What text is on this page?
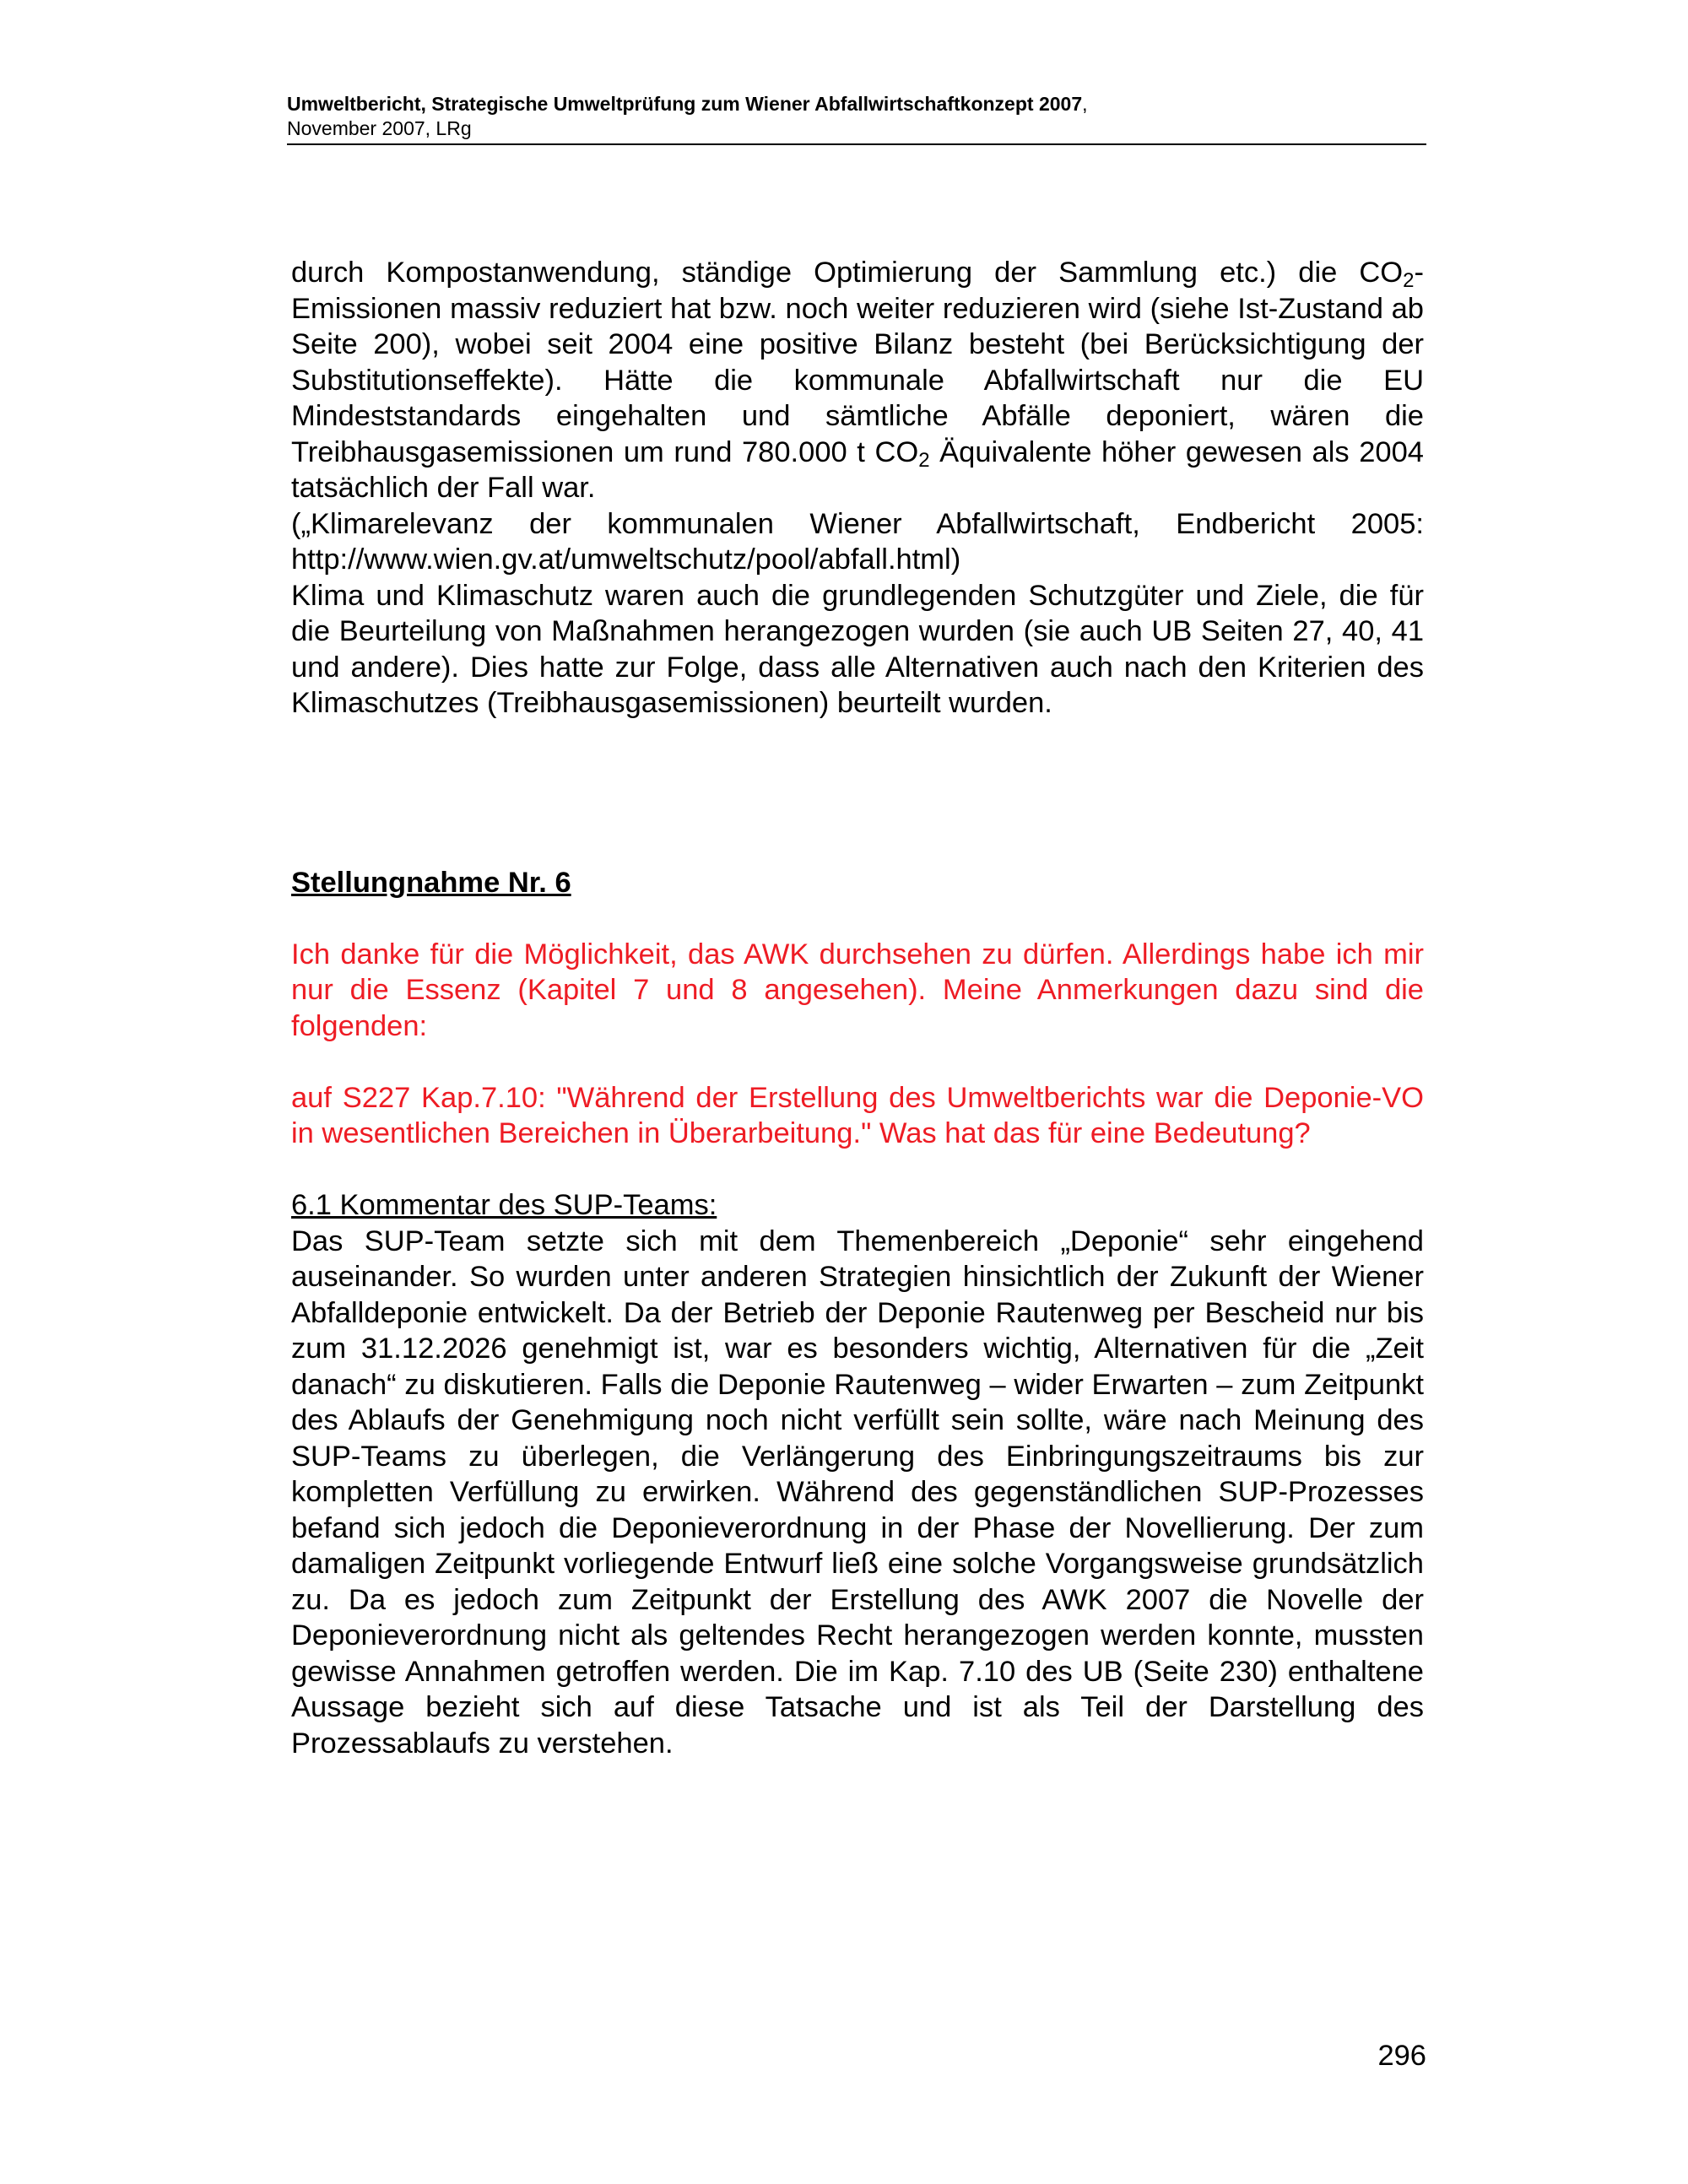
Umweltbericht, Strategische Umweltprüfung zum Wiener Abfallwirtschaftkonzept 2007,
November 2007, LRg

durch Kompostanwendung, ständige Optimierung der Sammlung etc.) die $CO_2$-Emissionen massiv reduziert hat bzw. noch weiter reduzieren wird (siehe Ist-Zustand ab Seite 200), wobei seit 2004 eine positive Bilanz besteht (bei Berücksichtigung der Substitutionseffekte). Hätte die kommunale Abfallwirtschaft nur die EU Mindeststandards eingehalten und sämtliche Abfälle deponiert, wären die Treibhausgasemissionen um rund 780.000 t $CO_2$ Äquivalente höher gewesen als 2004 tatsächlich der Fall war.

(„Klimarelevanz der kommunalen Wiener Abfallwirtschaft, Endbericht 2005: http://www.wien.gv.at/umweltschutz/pool/abfall.html)

Klima und Klimaschutz waren auch die grundlegenden Schutzgüter und Ziele, die für die Beurteilung von Maßnahmen herangezogen wurden (sie auch UB Seiten 27, 40, 41 und andere). Dies hatte zur Folge, dass alle Alternativen auch nach den Kriterien des Klimaschutzes (Treibhausgasemissionen) beurteilt wurden.

Stellungnahme Nr. 6

Ich danke für die Möglichkeit, das AWK durchsehen zu dürfen. Allerdings habe ich mir nur die Essenz (Kapitel 7 und 8 angesehen). Meine Anmerkungen dazu sind die folgenden:

auf S227 Kap.7.10: "Während der Erstellung des Umweltberichts war die Deponie-VO in wesentlichen Bereichen in Überarbeitung." Was hat das für eine Bedeutung?

6.1 Kommentar des SUP-Teams:

Das SUP-Team setzte sich mit dem Themenbereich „Deponie“ sehr eingehend auseinander. So wurden unter anderen Strategien hinsichtlich der Zukunft der Wiener Abfalldeponie entwickelt. Da der Betrieb der Deponie Rautenweg per Bescheid nur bis zum 31.12.2026 genehmigt ist, war es besonders wichtig, Alternativen für die „Zeit danach“ zu diskutieren. Falls die Deponie Rautenweg – wider Erwarten – zum Zeitpunkt des Ablaufs der Genehmigung noch nicht verfüllt sein sollte, wäre nach Meinung des SUP-Teams zu überlegen, die Verlängerung des Einbringungszeitraums bis zur kompletten Verfüllung zu erwirken. Während des gegenständlichen SUP-Prozesses befand sich jedoch die Deponieverordnung in der Phase der Novellierung. Der zum damaligen Zeitpunkt vorliegende Entwurf ließ eine solche Vorgangsweise grundsätzlich zu. Da es jedoch zum Zeitpunkt der Erstellung des AWK 2007 die Novelle der Deponieverordnung nicht als geltendes Recht herangezogen werden konnte, mussten gewisse Annahmen getroffen werden. Die im Kap. 7.10 des UB (Seite 230) enthaltene Aussage bezieht sich auf diese Tatsache und ist als Teil der Darstellung des Prozessablaufs zu verstehen.

296
